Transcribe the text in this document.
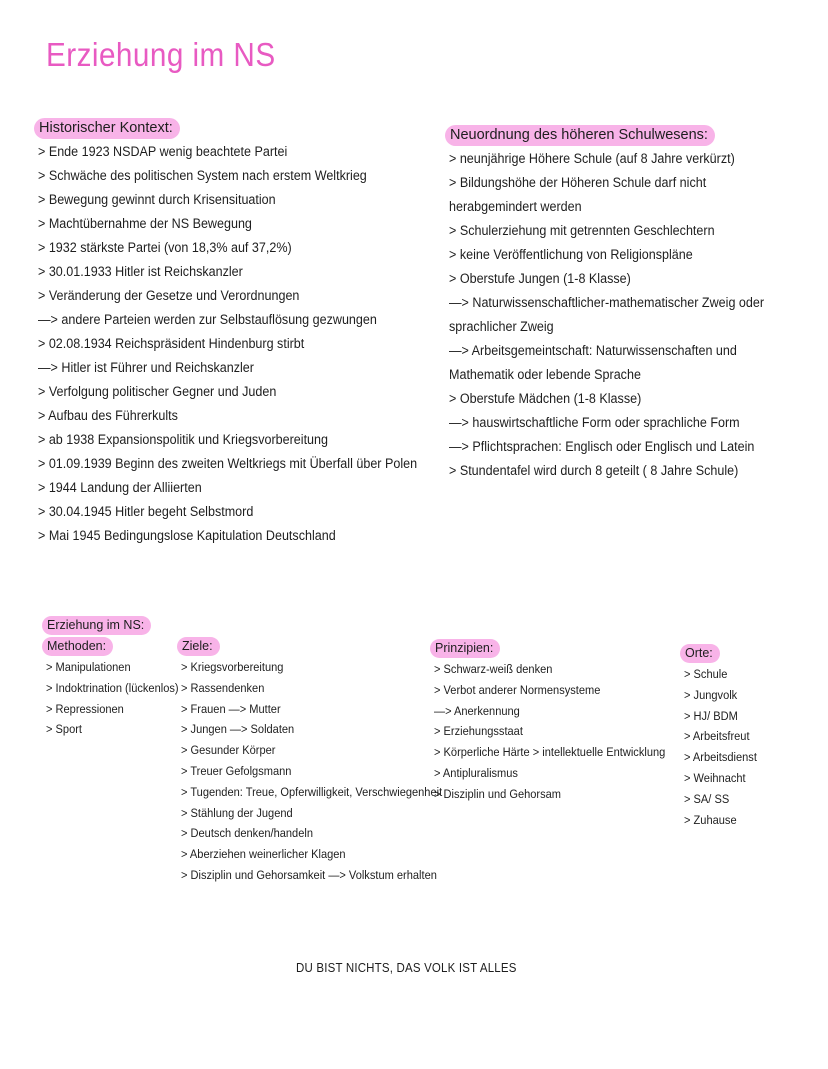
Erziehung im NS
Historischer Kontext:
> Ende 1923 NSDAP wenig beachtete Partei
> Schwäche des politischen System nach erstem Weltkrieg
> Bewegung gewinnt durch Krisensituation
> Machtübernahme der NS Bewegung
> 1932 stärkste Partei (von 18,3% auf 37,2%)
> 30.01.1933 Hitler ist Reichskanzler
> Veränderung der Gesetze und Verordnungen
—> andere Parteien werden zur Selbstauflösung gezwungen
> 02.08.1934 Reichspräsident Hindenburg stirbt
—> Hitler ist Führer und Reichskanzler
> Verfolgung politischer Gegner und Juden
> Aufbau des Führerkults
> ab 1938 Expansionspolitik und Kriegsvorbereitung
> 01.09.1939 Beginn des zweiten Weltkriegs mit Überfall über Polen
> 1944 Landung der Alliierten
> 30.04.1945 Hitler begeht Selbstmord
> Mai 1945 Bedingungslose Kapitulation Deutschland
Neuordnung des höheren Schulwesens:
> neunjährige Höhere Schule (auf 8 Jahre verkürzt)
> Bildungshöhe der Höheren Schule darf nicht
herabgemindert werden
> Schulerziehung mit getrennten Geschlechtern
> keine Veröffentlichung von Religionspläne
> Oberstufe Jungen (1-8 Klasse)
—> Naturwissenschaftlicher-mathematischer Zweig oder
sprachlicher Zweig
—> Arbeitsgemeintschaft: Naturwissenschaften und
Mathematik oder lebende Sprache
> Oberstufe Mädchen (1-8 Klasse)
—> hauswirtschaftliche Form oder sprachliche Form
—> Pflichtsprachen: Englisch oder Englisch und Latein
> Stundentafel wird durch 8 geteilt ( 8 Jahre Schule)
Erziehung im NS:
Methoden:
> Manipulationen
> Indoktrination (lückenlos)
> Repressionen
> Sport
Ziele:
> Kriegsvorbereitung
> Rassendenken
> Frauen —> Mutter
> Jungen —> Soldaten
> Gesunder Körper
> Treuer Gefolgsmann
> Tugenden: Treue, Opferwilligkeit, Verschwiegenheit
> Stählung der Jugend
> Deutsch denken/handeln
> Aberziehen weinerlicher Klagen
> Disziplin und Gehorsamkeit —> Volkstum erhalten
Prinzipien:
> Schwarz-weiß denken
> Verbot anderer Normensysteme
—> Anerkennung
> Erziehungsstaat
> Körperliche Härte > intellektuelle Entwicklung
> Antipluralismus
> Disziplin und Gehorsam
Orte:
> Schule
> Jungvolk
> HJ/ BDM
> Arbeitsfreut
> Arbeitsdienst
> Weihnacht
> SA/ SS
> Zuhause
DU BIST NICHTS, DAS VOLK IST ALLES
